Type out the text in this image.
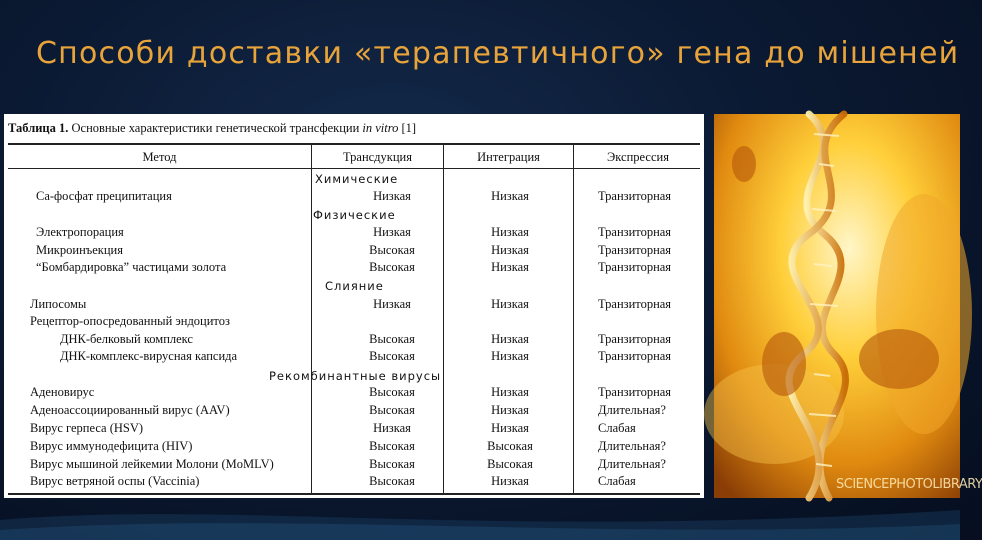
Способи доставки «терапевтичного» гена до мішеней
Таблица 1. Основные характеристики генетической трансфекции in vitro [1]
Метод	Трансдукция	Интеграция	Экспрессия
Химические
Физические
Слияние
Рекомбинантные вирусы
Са-фосфат преципитация	Низкая	Низкая	Транзиторная
Электропорация	Низкая	Низкая	Транзиторная
Микроинъекция	Высокая	Низкая	Транзиторная
“Бомбардировка” частицами золота	Высокая	Низкая	Транзиторная
Липосомы	Низкая	Низкая	Транзиторная
Рецептор-опосредованный эндоцитоз
ДНК-белковый комплекс	Высокая	Низкая	Транзиторная
ДНК-комплекс-вирусная капсида	Высокая	Низкая	Транзиторная
Аденовирус	Высокая	Низкая	Транзиторная
Аденоассоциированный вирус (AAV)	Высокая	Низкая	Длительная?
Вирус герпеса (HSV)	Низкая	Низкая	Слабая
Вирус иммунодефицита (HIV)	Высокая	Высокая	Длительная?
Вирус мышиной лейкемии Молони (MoMLV)	Высокая	Высокая	Длительная?
Вирус ветряной оспы (Vaccinia)	Высокая	Низкая	Слабая	SCIENCEPHOTOLIBRARY
